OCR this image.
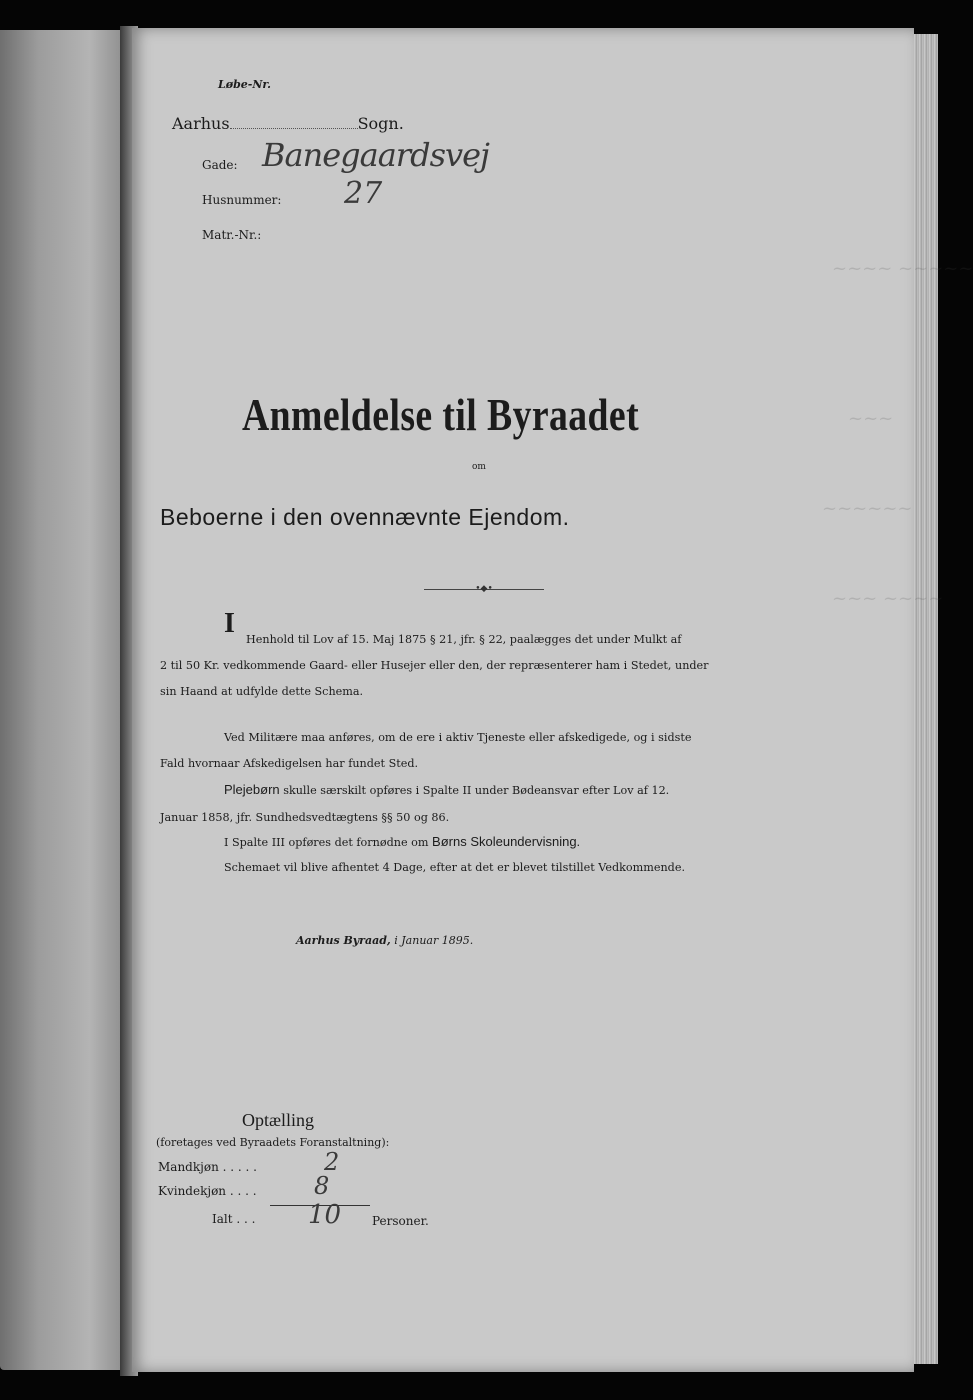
~~~~ ~~~~~
~~~
~~~~~~
~~~ ~~~~
Løbe-Nr.
Aarhus	Sogn.
Gade: Banegaardsvej
Husnummer: 27
Matr.-Nr.:
Anmeldelse til Byraadet
om
Beboerne i den ovennævnte Ejendom.
•◆•
I
Henhold til Lov af 15. Maj 1875 § 21, jfr. § 22, paalægges det under Mulkt af
2 til 50 Kr. vedkommende Gaard- eller Husejer eller den, der repræsenterer ham i Stedet, under
sin Haand at udfylde dette Schema.
Ved Militære maa anføres, om de ere i aktiv Tjeneste eller afskedigede, og i sidste
Fald hvornaar Afskedigelsen har fundet Sted.
Plejebørn skulle særskilt opføres i Spalte II under Bødeansvar efter Lov af 12.
Januar 1858, jfr. Sundhedsvedtægtens §§ 50 og 86.
I Spalte III opføres det fornødne om Børns Skoleundervisning.
Schemaet vil blive afhentet 4 Dage, efter at det er blevet tilstillet Vedkommende.
Aarhus Byraad, i Januar 1895.
Optælling
(foretages ved Byraadets Foranstaltning):
Mandkjøn . . . . .	2
Kvindekjøn . . . . 8
Ialt . . . 10	Personer.
